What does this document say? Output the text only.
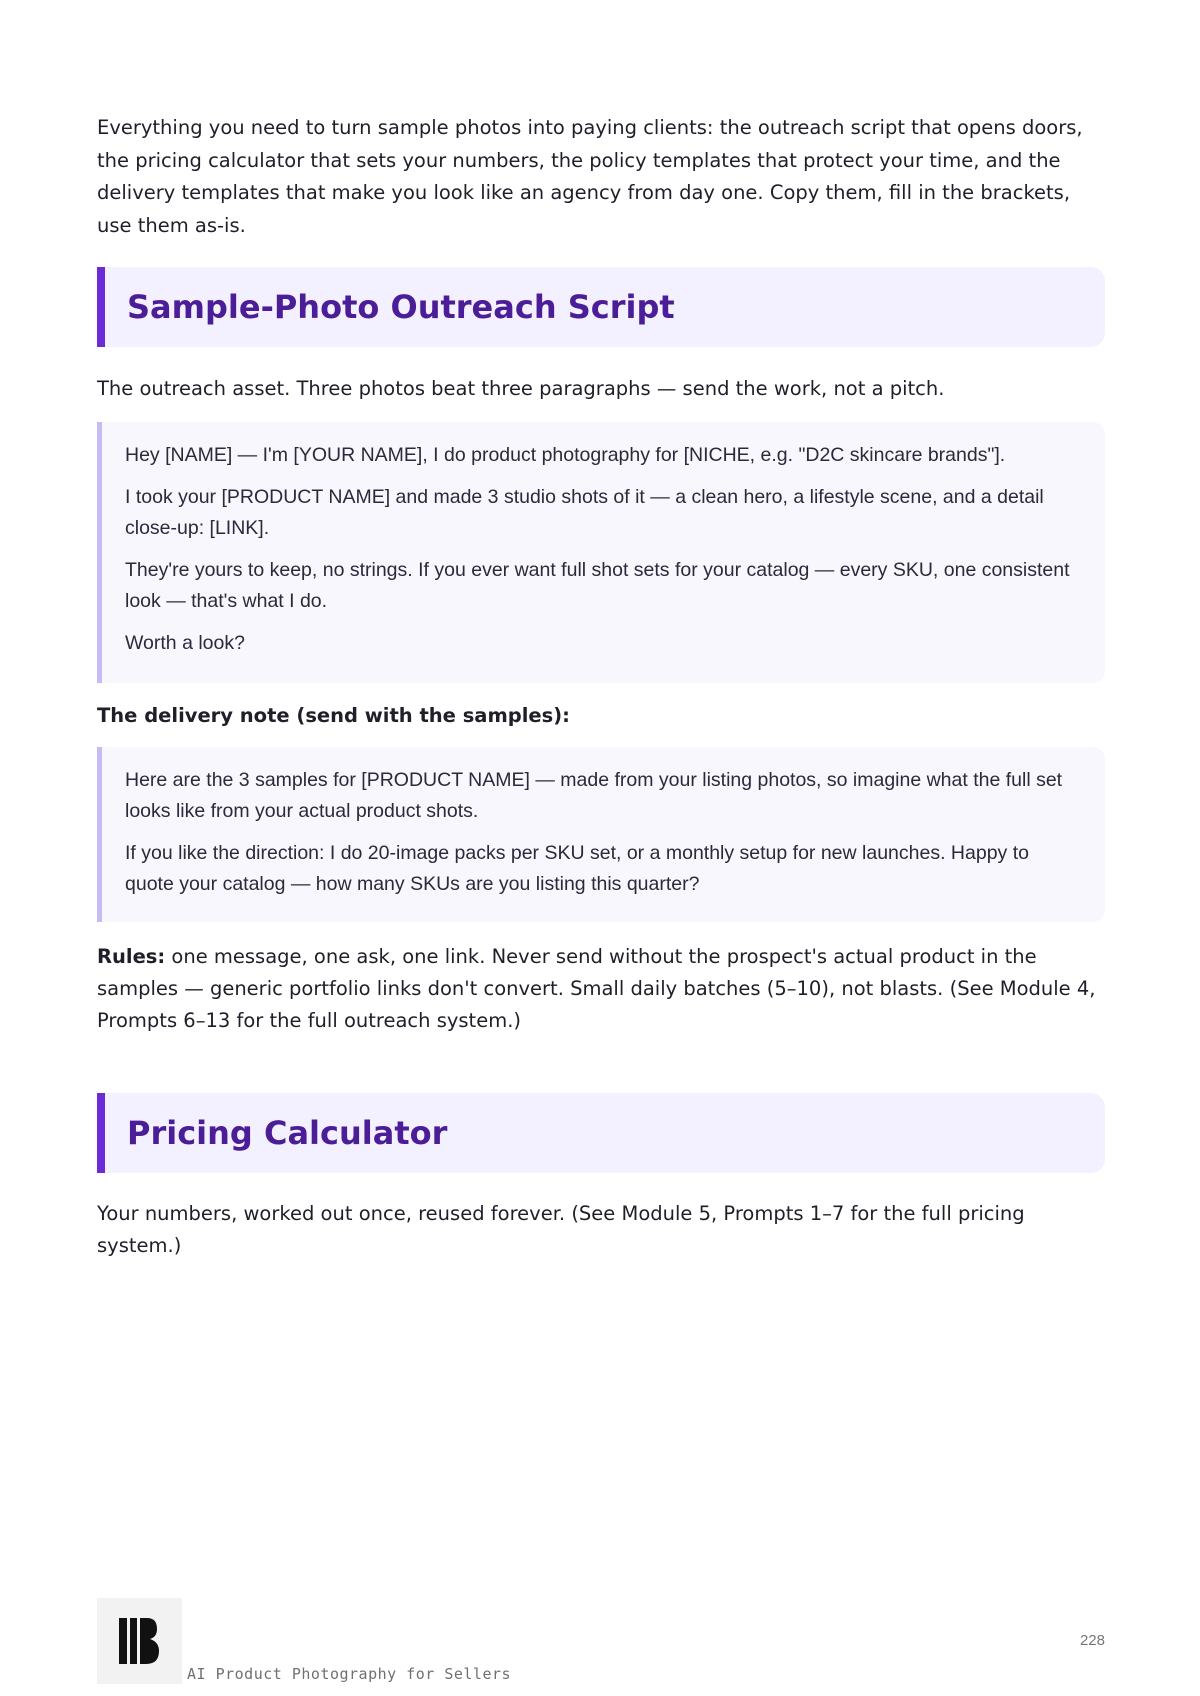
Everything you need to turn sample photos into paying clients: the outreach script that opens doors, the pricing calculator that sets your numbers, the policy templates that protect your time, and the delivery templates that make you look like an agency from day one. Copy them, fill in the brackets, use them as-is.

Sample-Photo Outreach Script

The outreach asset. Three photos beat three paragraphs — send the work, not a pitch.

Hey [NAME] — I'm [YOUR NAME], I do product photography for [NICHE, e.g. "D2C skincare brands"].

I took your [PRODUCT NAME] and made 3 studio shots of it — a clean hero, a lifestyle scene, and a detail close-up: [LINK].

They're yours to keep, no strings. If you ever want full shot sets for your catalog — every SKU, one consistent look — that's what I do.

Worth a look?

The delivery note (send with the samples):

Here are the 3 samples for [PRODUCT NAME] — made from your listing photos, so imagine what the full set looks like from your actual product shots.

If you like the direction: I do 20-image packs per SKU set, or a monthly setup for new launches. Happy to quote your catalog — how many SKUs are you listing this quarter?

Rules: one message, one ask, one link. Never send without the prospect's actual product in the samples — generic portfolio links don't convert. Small daily batches (5–10), not blasts. (See Module 4, Prompts 6–13 for the full outreach system.)

Pricing Calculator

Your numbers, worked out once, reused forever. (See Module 5, Prompts 1–7 for the full pricing system.)

AI Product Photography for Sellers
228
